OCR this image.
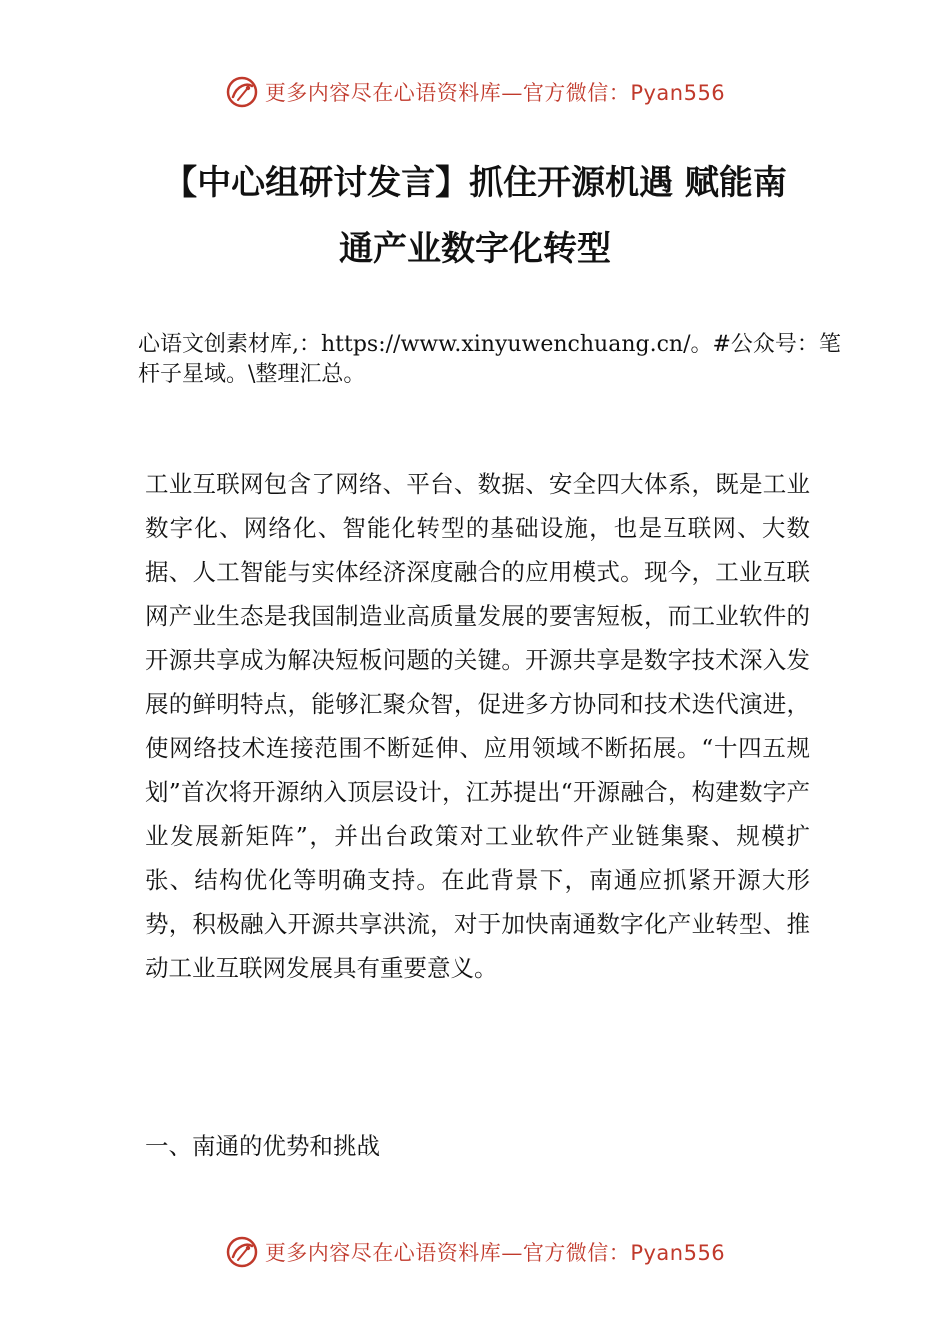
更多内容尽在心语资料库—官方微信：Pyan556
【中心组研讨发言】抓住开源机遇 赋能南
通产业数字化转型
心语文创素材库,：https://www.xinyuwenchuang.cn/。#公众号：笔杆子星域。\整理汇总。
工业互联网包含了网络、平台、数据、安全四大体系，既是工业数字化、网络化、智能化转型的基础设施，也是互联网、大数据、人工智能与实体经济深度融合的应用模式。现今，工业互联网产业生态是我国制造业高质量发展的要害短板，而工业软件的开源共享成为解决短板问题的关键。开源共享是数字技术深入发展的鲜明特点，能够汇聚众智，促进多方协同和技术迭代演进，使网络技术连接范围不断延伸、应用领域不断拓展。“十四五规划”首次将开源纳入顶层设计，江苏提出“开源融合，构建数字产业发展新矩阵”，并出台政策对工业软件产业链集聚、规模扩张、结构优化等明确支持。在此背景下，南通应抓紧开源大形势，积极融入开源共享洪流，对于加快南通数字化产业转型、推动工业互联网发展具有重要意义。
一、南通的优势和挑战
更多内容尽在心语资料库—官方微信：Pyan556
